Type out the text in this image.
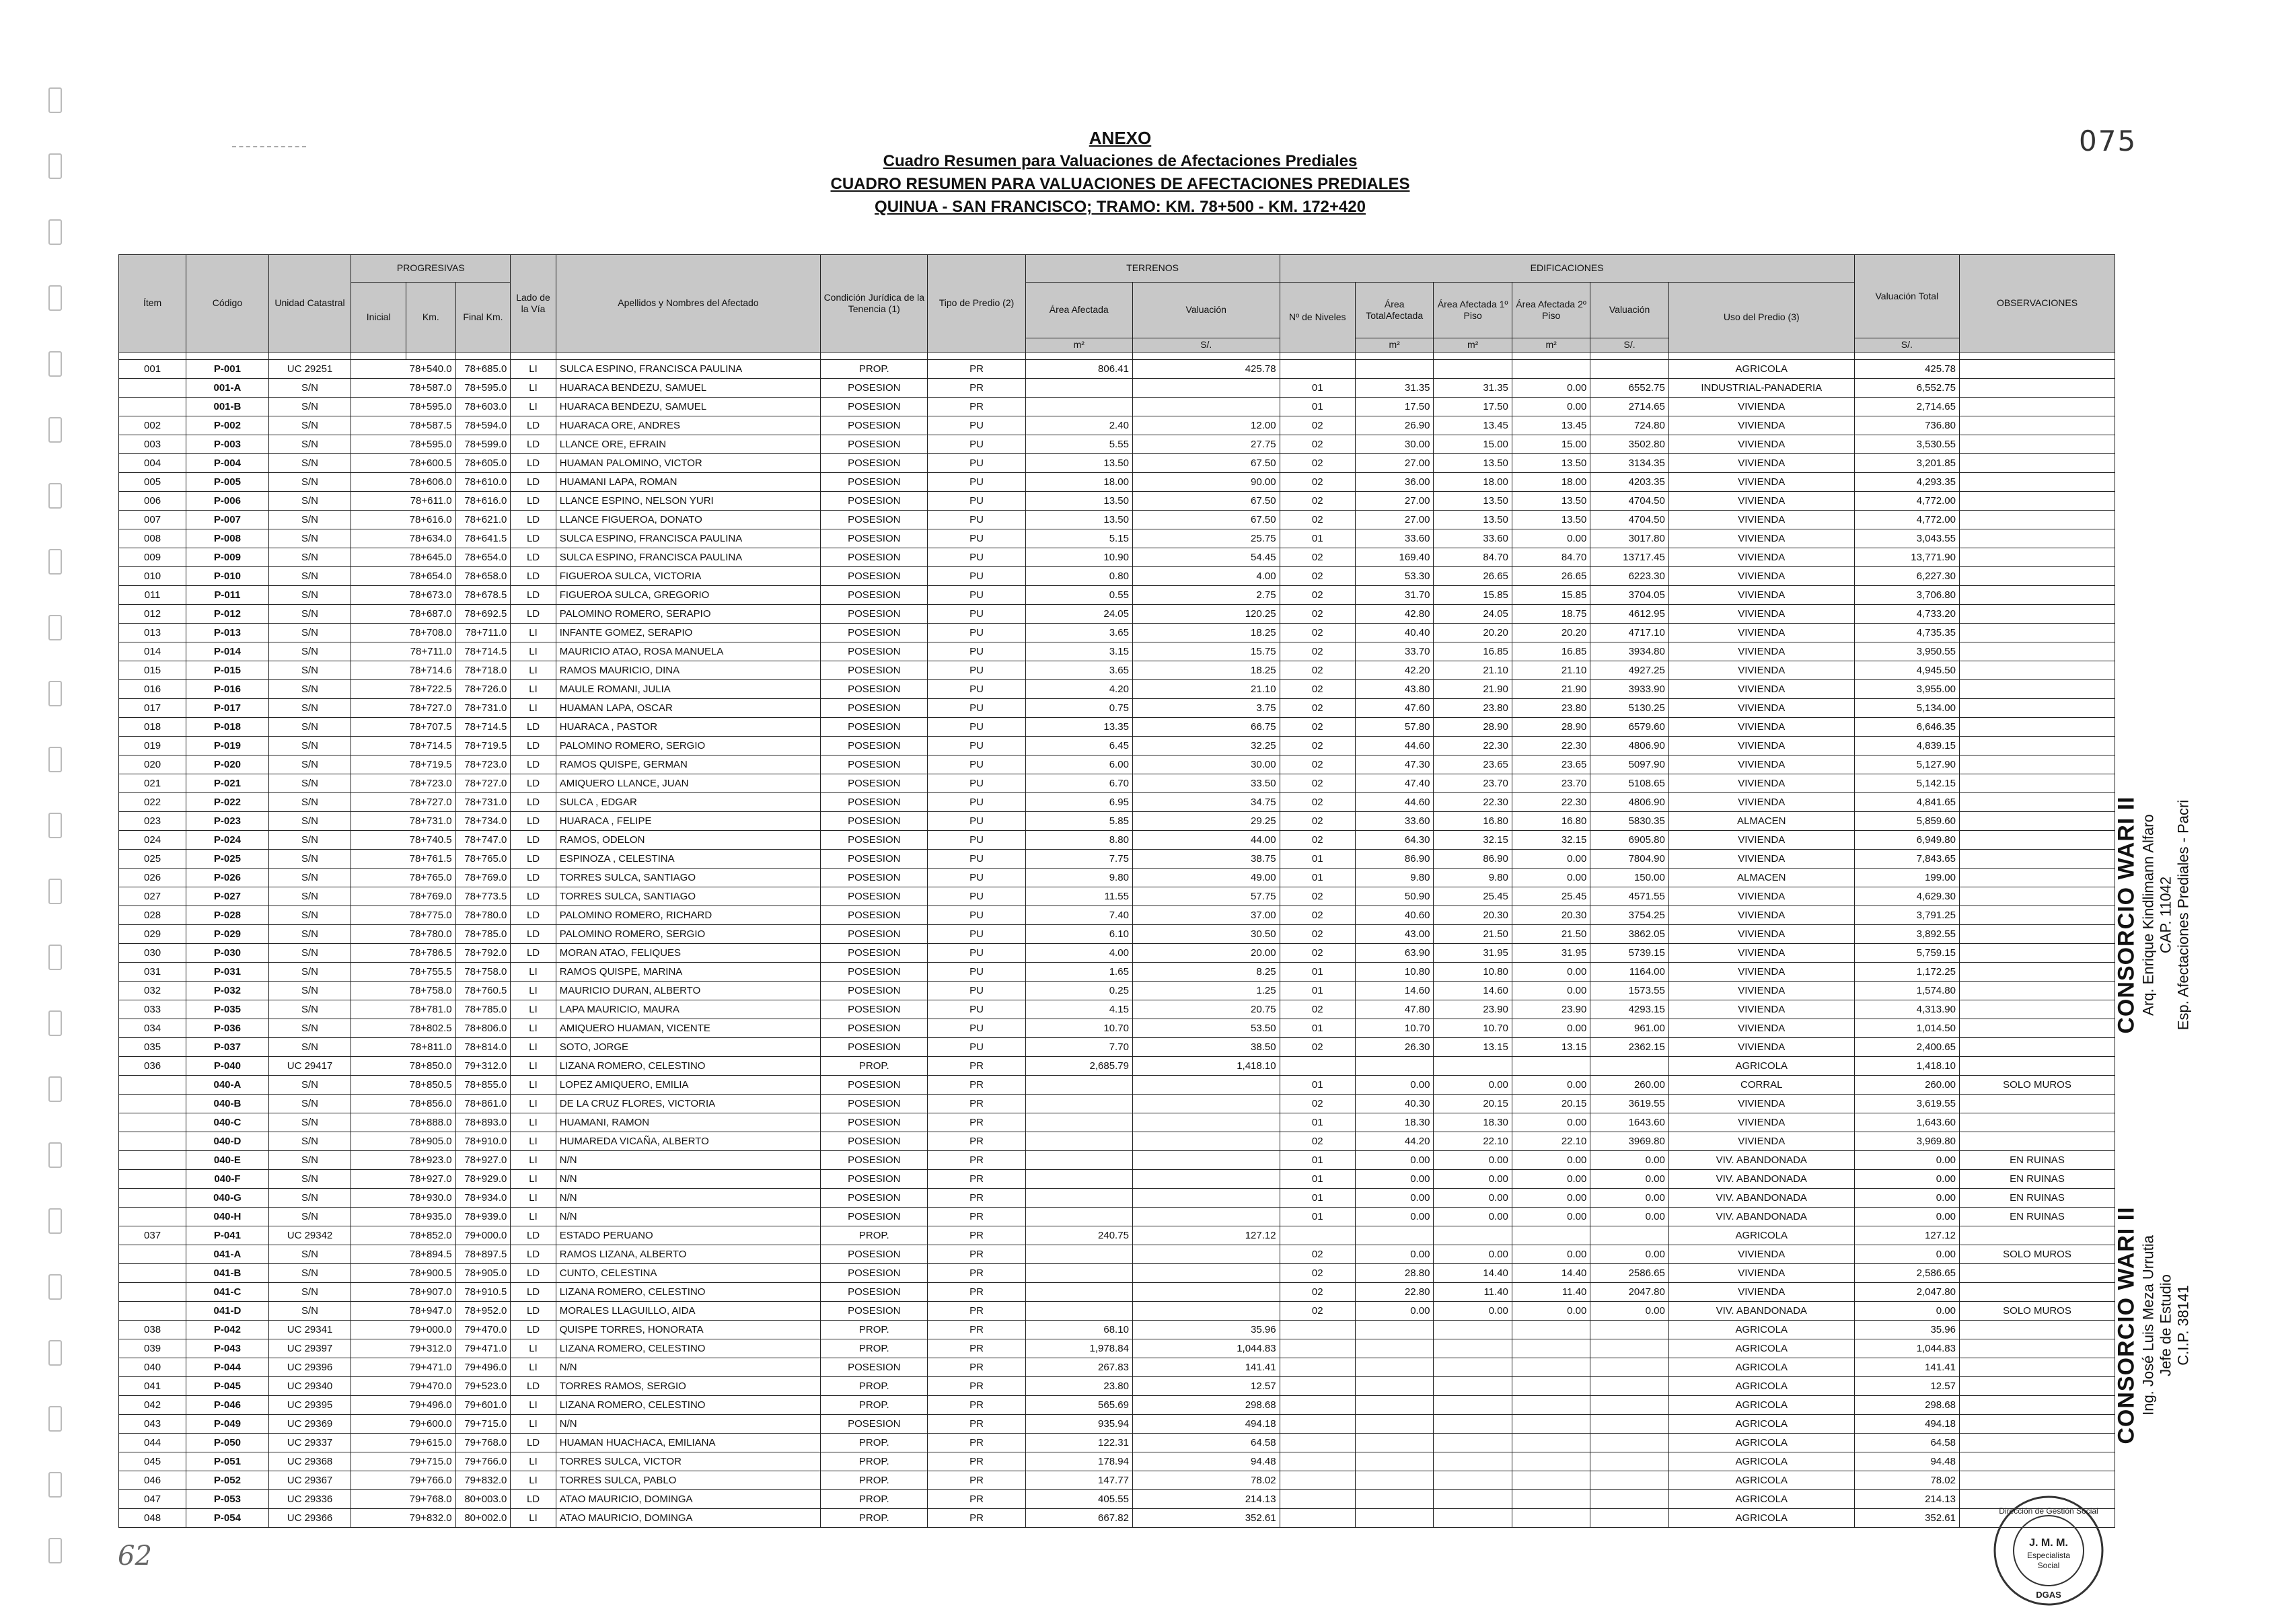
075
ANEXO
Cuadro Resumen para Valuaciones de Afectaciones Prediales
CUADRO RESUMEN PARA VALUACIONES DE AFECTACIONES PREDIALES
QUINUA - SAN FRANCISCO; TRAMO: KM. 78+500 - KM. 172+420
Ítem	Código	Unidad Catastral	PROGRESIVAS			Lado de la Vía	Apellidos y Nombres del Afectado	Condición Jurídica de la Tenencia (1)	Tipo de Predio (2)	TERRENOS		EDIFICACIONES						Valuación Total	OBSERVACIONES
			Inicial	Km.	Final Km.					Área Afectada	Valuación	Nº de Niveles	Área TotalAfectada	Área Afectada 1º Piso	Área Afectada 2º Piso	Valuación	Uso del Predio (3)		
										m²	S/.		m²	m²	m²	S/.		S/.	

001	P-001	UC 29251	78+540.0		78+685.0	LI	SULCA ESPINO, FRANCISCA PAULINA	PROP.	PR	806.41	425.78						AGRICOLA	425.78	
	001-A	S/N	78+587.0		78+595.0	LI	HUARACA BENDEZU, SAMUEL	POSESION	PR			01	31.35	31.35	0.00	6552.75	INDUSTRIAL-PANADERIA	6,552.75	
	001-B	S/N	78+595.0		78+603.0	LI	HUARACA BENDEZU, SAMUEL	POSESION	PR			01	17.50	17.50	0.00	2714.65	VIVIENDA	2,714.65	
002	P-002	S/N	78+587.5		78+594.0	LD	HUARACA ORE, ANDRES	POSESION	PU	2.40	12.00	02	26.90	13.45	13.45	724.80	VIVIENDA	736.80	
003	P-003	S/N	78+595.0		78+599.0	LD	LLANCE ORE, EFRAIN	POSESION	PU	5.55	27.75	02	30.00	15.00	15.00	3502.80	VIVIENDA	3,530.55	
004	P-004	S/N	78+600.5		78+605.0	LD	HUAMAN PALOMINO, VICTOR	POSESION	PU	13.50	67.50	02	27.00	13.50	13.50	3134.35	VIVIENDA	3,201.85	
005	P-005	S/N	78+606.0		78+610.0	LD	HUAMANI LAPA, ROMAN	POSESION	PU	18.00	90.00	02	36.00	18.00	18.00	4203.35	VIVIENDA	4,293.35	
006	P-006	S/N	78+611.0		78+616.0	LD	LLANCE ESPINO, NELSON YURI	POSESION	PU	13.50	67.50	02	27.00	13.50	13.50	4704.50	VIVIENDA	4,772.00	
007	P-007	S/N	78+616.0		78+621.0	LD	LLANCE FIGUEROA, DONATO	POSESION	PU	13.50	67.50	02	27.00	13.50	13.50	4704.50	VIVIENDA	4,772.00	
008	P-008	S/N	78+634.0		78+641.5	LD	SULCA ESPINO, FRANCISCA PAULINA	POSESION	PU	5.15	25.75	01	33.60	33.60	0.00	3017.80	VIVIENDA	3,043.55	
009	P-009	S/N	78+645.0		78+654.0	LD	SULCA ESPINO, FRANCISCA PAULINA	POSESION	PU	10.90	54.45	02	169.40	84.70	84.70	13717.45	VIVIENDA	13,771.90	
010	P-010	S/N	78+654.0		78+658.0	LD	FIGUEROA SULCA, VICTORIA	POSESION	PU	0.80	4.00	02	53.30	26.65	26.65	6223.30	VIVIENDA	6,227.30	
011	P-011	S/N	78+673.0		78+678.5	LD	FIGUEROA SULCA, GREGORIO	POSESION	PU	0.55	2.75	02	31.70	15.85	15.85	3704.05	VIVIENDA	3,706.80	
012	P-012	S/N	78+687.0		78+692.5	LD	PALOMINO ROMERO, SERAPIO	POSESION	PU	24.05	120.25	02	42.80	24.05	18.75	4612.95	VIVIENDA	4,733.20	
013	P-013	S/N	78+708.0		78+711.0	LI	INFANTE GOMEZ, SERAPIO	POSESION	PU	3.65	18.25	02	40.40	20.20	20.20	4717.10	VIVIENDA	4,735.35	
014	P-014	S/N	78+711.0		78+714.5	LI	MAURICIO ATAO, ROSA MANUELA	POSESION	PU	3.15	15.75	02	33.70	16.85	16.85	3934.80	VIVIENDA	3,950.55	
015	P-015	S/N	78+714.6		78+718.0	LI	RAMOS MAURICIO, DINA	POSESION	PU	3.65	18.25	02	42.20	21.10	21.10	4927.25	VIVIENDA	4,945.50	
016	P-016	S/N	78+722.5		78+726.0	LI	MAULE ROMANI, JULIA	POSESION	PU	4.20	21.10	02	43.80	21.90	21.90	3933.90	VIVIENDA	3,955.00	
017	P-017	S/N	78+727.0		78+731.0	LI	HUAMAN LAPA, OSCAR	POSESION	PU	0.75	3.75	02	47.60	23.80	23.80	5130.25	VIVIENDA	5,134.00	
018	P-018	S/N	78+707.5		78+714.5	LD	HUARACA , PASTOR	POSESION	PU	13.35	66.75	02	57.80	28.90	28.90	6579.60	VIVIENDA	6,646.35	
019	P-019	S/N	78+714.5		78+719.5	LD	PALOMINO ROMERO, SERGIO	POSESION	PU	6.45	32.25	02	44.60	22.30	22.30	4806.90	VIVIENDA	4,839.15	
020	P-020	S/N	78+719.5		78+723.0	LD	RAMOS QUISPE, GERMAN	POSESION	PU	6.00	30.00	02	47.30	23.65	23.65	5097.90	VIVIENDA	5,127.90	
021	P-021	S/N	78+723.0		78+727.0	LD	AMIQUERO LLANCE, JUAN	POSESION	PU	6.70	33.50	02	47.40	23.70	23.70	5108.65	VIVIENDA	5,142.15	
022	P-022	S/N	78+727.0		78+731.0	LD	SULCA , EDGAR	POSESION	PU	6.95	34.75	02	44.60	22.30	22.30	4806.90	VIVIENDA	4,841.65	
023	P-023	S/N	78+731.0		78+734.0	LD	HUARACA , FELIPE	POSESION	PU	5.85	29.25	02	33.60	16.80	16.80	5830.35	ALMACEN	5,859.60	
024	P-024	S/N	78+740.5		78+747.0	LD	RAMOS, ODELON	POSESION	PU	8.80	44.00	02	64.30	32.15	32.15	6905.80	VIVIENDA	6,949.80	
025	P-025	S/N	78+761.5		78+765.0	LD	ESPINOZA , CELESTINA	POSESION	PU	7.75	38.75	01	86.90	86.90	0.00	7804.90	VIVIENDA	7,843.65	
026	P-026	S/N	78+765.0		78+769.0	LD	TORRES SULCA, SANTIAGO	POSESION	PU	9.80	49.00	01	9.80	9.80	0.00	150.00	ALMACEN	199.00	
027	P-027	S/N	78+769.0		78+773.5	LD	TORRES SULCA, SANTIAGO	POSESION	PU	11.55	57.75	02	50.90	25.45	25.45	4571.55	VIVIENDA	4,629.30	
028	P-028	S/N	78+775.0		78+780.0	LD	PALOMINO ROMERO, RICHARD	POSESION	PU	7.40	37.00	02	40.60	20.30	20.30	3754.25	VIVIENDA	3,791.25	
029	P-029	S/N	78+780.0		78+785.0	LD	PALOMINO ROMERO, SERGIO	POSESION	PU	6.10	30.50	02	43.00	21.50	21.50	3862.05	VIVIENDA	3,892.55	
030	P-030	S/N	78+786.5		78+792.0	LD	MORAN ATAO, FELIQUES	POSESION	PU	4.00	20.00	02	63.90	31.95	31.95	5739.15	VIVIENDA	5,759.15	
031	P-031	S/N	78+755.5		78+758.0	LI	RAMOS QUISPE, MARINA	POSESION	PU	1.65	8.25	01	10.80	10.80	0.00	1164.00	VIVIENDA	1,172.25	
032	P-032	S/N	78+758.0		78+760.5	LI	MAURICIO DURAN, ALBERTO	POSESION	PU	0.25	1.25	01	14.60	14.60	0.00	1573.55	VIVIENDA	1,574.80	
033	P-035	S/N	78+781.0		78+785.0	LI	LAPA MAURICIO, MAURA	POSESION	PU	4.15	20.75	02	47.80	23.90	23.90	4293.15	VIVIENDA	4,313.90	
034	P-036	S/N	78+802.5		78+806.0	LI	AMIQUERO HUAMAN, VICENTE	POSESION	PU	10.70	53.50	01	10.70	10.70	0.00	961.00	VIVIENDA	1,014.50	
035	P-037	S/N	78+811.0		78+814.0	LI	SOTO, JORGE	POSESION	PU	7.70	38.50	02	26.30	13.15	13.15	2362.15	VIVIENDA	2,400.65	
036	P-040	UC 29417	78+850.0		79+312.0	LI	LIZANA ROMERO, CELESTINO	PROP.	PR	2,685.79	1,418.10						AGRICOLA	1,418.10	
	040-A	S/N	78+850.5		78+855.0	LI	LOPEZ AMIQUERO, EMILIA	POSESION	PR			01	0.00	0.00	0.00	260.00	CORRAL	260.00	SOLO MUROS
	040-B	S/N	78+856.0		78+861.0	LI	DE LA CRUZ FLORES, VICTORIA	POSESION	PR			02	40.30	20.15	20.15	3619.55	VIVIENDA	3,619.55	
	040-C	S/N	78+888.0		78+893.0	LI	HUAMANI, RAMON	POSESION	PR			01	18.30	18.30	0.00	1643.60	VIVIENDA	1,643.60	
	040-D	S/N	78+905.0		78+910.0	LI	HUMAREDA VICAÑA, ALBERTO	POSESION	PR			02	44.20	22.10	22.10	3969.80	VIVIENDA	3,969.80	
	040-E	S/N	78+923.0		78+927.0	LI	N/N	POSESION	PR			01	0.00	0.00	0.00	0.00	VIV. ABANDONADA	0.00	EN RUINAS
	040-F	S/N	78+927.0		78+929.0	LI	N/N	POSESION	PR			01	0.00	0.00	0.00	0.00	VIV. ABANDONADA	0.00	EN RUINAS
	040-G	S/N	78+930.0		78+934.0	LI	N/N	POSESION	PR			01	0.00	0.00	0.00	0.00	VIV. ABANDONADA	0.00	EN RUINAS
	040-H	S/N	78+935.0		78+939.0	LI	N/N	POSESION	PR			01	0.00	0.00	0.00	0.00	VIV. ABANDONADA	0.00	EN RUINAS
037	P-041	UC 29342	78+852.0		79+000.0	LD	ESTADO PERUANO	PROP.	PR	240.75	127.12						AGRICOLA	127.12	
	041-A	S/N	78+894.5		78+897.5	LD	RAMOS LIZANA, ALBERTO	POSESION	PR			02	0.00	0.00	0.00	0.00	VIVIENDA	0.00	SOLO MUROS
	041-B	S/N	78+900.5		78+905.0	LD	CUNTO, CELESTINA	POSESION	PR			02	28.80	14.40	14.40	2586.65	VIVIENDA	2,586.65	
	041-C	S/N	78+907.0		78+910.5	LD	LIZANA ROMERO, CELESTINO	POSESION	PR			02	22.80	11.40	11.40	2047.80	VIVIENDA	2,047.80	
	041-D	S/N	78+947.0		78+952.0	LD	MORALES LLAGUILLO, AIDA	POSESION	PR			02	0.00	0.00	0.00	0.00	VIV. ABANDONADA	0.00	SOLO MUROS
038	P-042	UC 29341	79+000.0		79+470.0	LD	QUISPE TORRES, HONORATA	PROP.	PR	68.10	35.96						AGRICOLA	35.96	
039	P-043	UC 29397	79+312.0		79+471.0	LI	LIZANA ROMERO, CELESTINO	PROP.	PR	1,978.84	1,044.83						AGRICOLA	1,044.83	
040	P-044	UC 29396	79+471.0		79+496.0	LI	N/N	POSESION	PR	267.83	141.41						AGRICOLA	141.41	
041	P-045	UC 29340	79+470.0		79+523.0	LD	TORRES RAMOS, SERGIO	PROP.	PR	23.80	12.57						AGRICOLA	12.57	
042	P-046	UC 29395	79+496.0		79+601.0	LI	LIZANA ROMERO, CELESTINO	PROP.	PR	565.69	298.68						AGRICOLA	298.68	
043	P-049	UC 29369	79+600.0		79+715.0	LI	N/N	POSESION	PR	935.94	494.18						AGRICOLA	494.18	
044	P-050	UC 29337	79+615.0		79+768.0	LD	HUAMAN HUACHACA, EMILIANA	PROP.	PR	122.31	64.58						AGRICOLA	64.58	
045	P-051	UC 29368	79+715.0		79+766.0	LI	TORRES SULCA, VICTOR	PROP.	PR	178.94	94.48						AGRICOLA	94.48	
046	P-052	UC 29367	79+766.0		79+832.0	LI	TORRES SULCA, PABLO	PROP.	PR	147.77	78.02						AGRICOLA	78.02	
047	P-053	UC 29336	79+768.0		80+003.0	LD	ATAO MAURICIO, DOMINGA	PROP.	PR	405.55	214.13						AGRICOLA	214.13	
048	P-054	UC 29366	79+832.0		80+002.0	LI	ATAO MAURICIO, DOMINGA	PROP.	PR	667.82	352.61						AGRICOLA	352.61	
CONSORCIO WARI II Arq. Enrique Kindlimann Alfaro CAP. 11042 Esp. Afectaciones Prediales - Pacri
CONSORCIO WARI II Ing. José Luis Meza Urrutia Jefe de Estudio C.I.P. 38141
J. M. M.
Especialista
Social
Dirección de Gestión Social
DGAS
62
